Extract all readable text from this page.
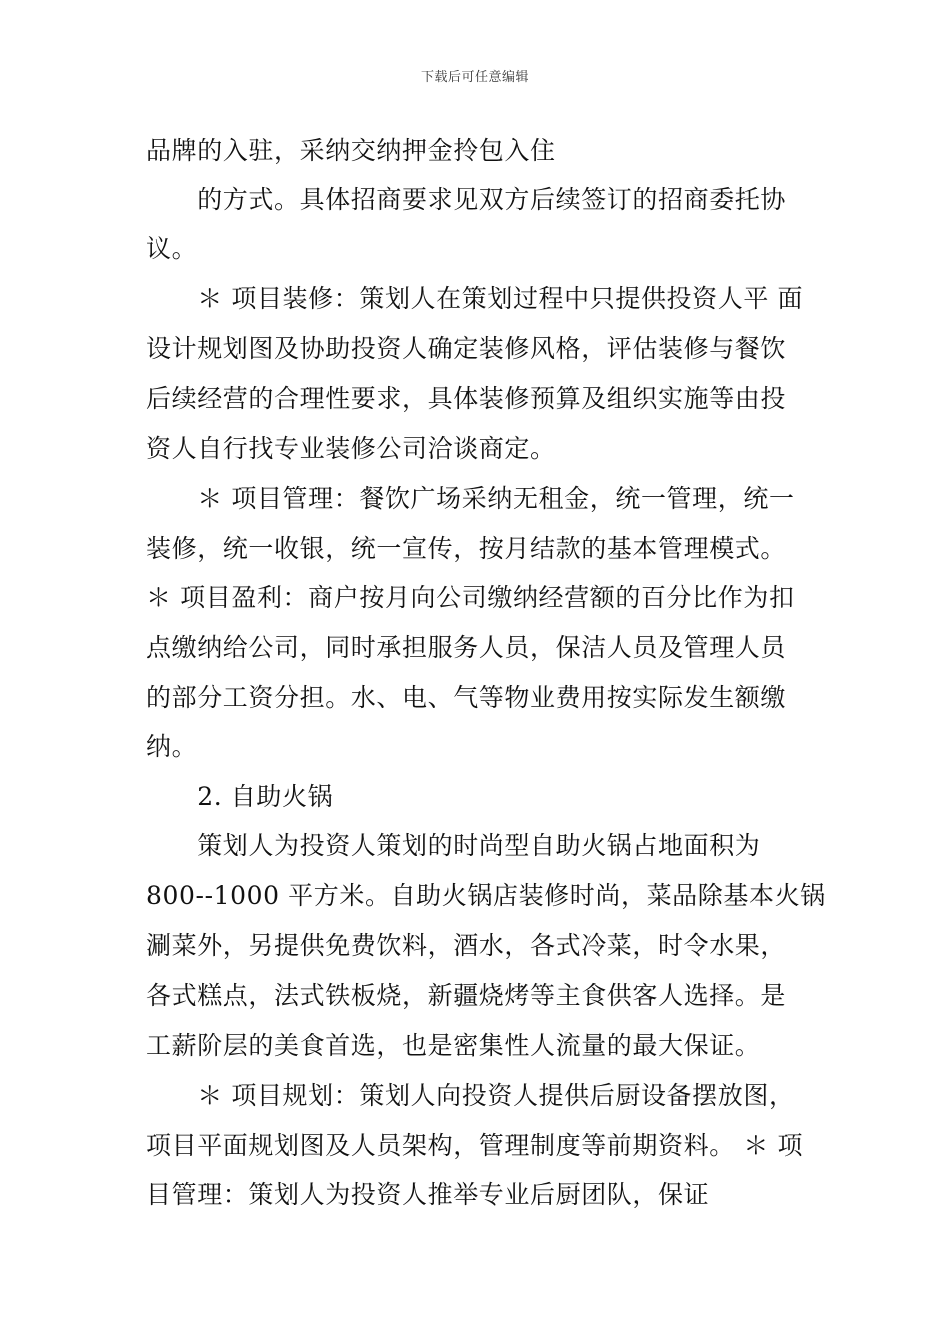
下载后可任意编辑
品牌的入驻，采纳交纳押金拎包入住
　　的方式。具体招商要求见双方后续签订的招商委托协
议。
　　＊ 项目装修：策划人在策划过程中只提供投资人平 面
设计规划图及协助投资人确定装修风格，评估装修与餐饮
后续经营的合理性要求，具体装修预算及组织实施等由投
资人自行找专业装修公司洽谈商定。
　　＊ 项目管理：餐饮广场采纳无租金，统一管理，统一
装修，统一收银，统一宣传，按月结款的基本管理模式。
＊ 项目盈利：商户按月向公司缴纳经营额的百分比作为扣
点缴纳给公司，同时承担服务人员，保洁人员及管理人员
的部分工资分担。水、电、气等物业费用按实际发生额缴
纳。
　　2. 自助火锅
　　策划人为投资人策划的时尚型自助火锅占地面积为
800--1000 平方米。自助火锅店装修时尚，菜品除基本火锅
涮菜外，另提供免费饮料，酒水，各式冷菜，时令水果，
各式糕点，法式铁板烧，新疆烧烤等主食供客人选择。是
工薪阶层的美食首选，也是密集性人流量的最大保证。
　　＊ 项目规划：策划人向投资人提供后厨设备摆放图，
项目平面规划图及人员架构，管理制度等前期资料。 ＊ 项
目管理：策划人为投资人推举专业后厨团队，保证
